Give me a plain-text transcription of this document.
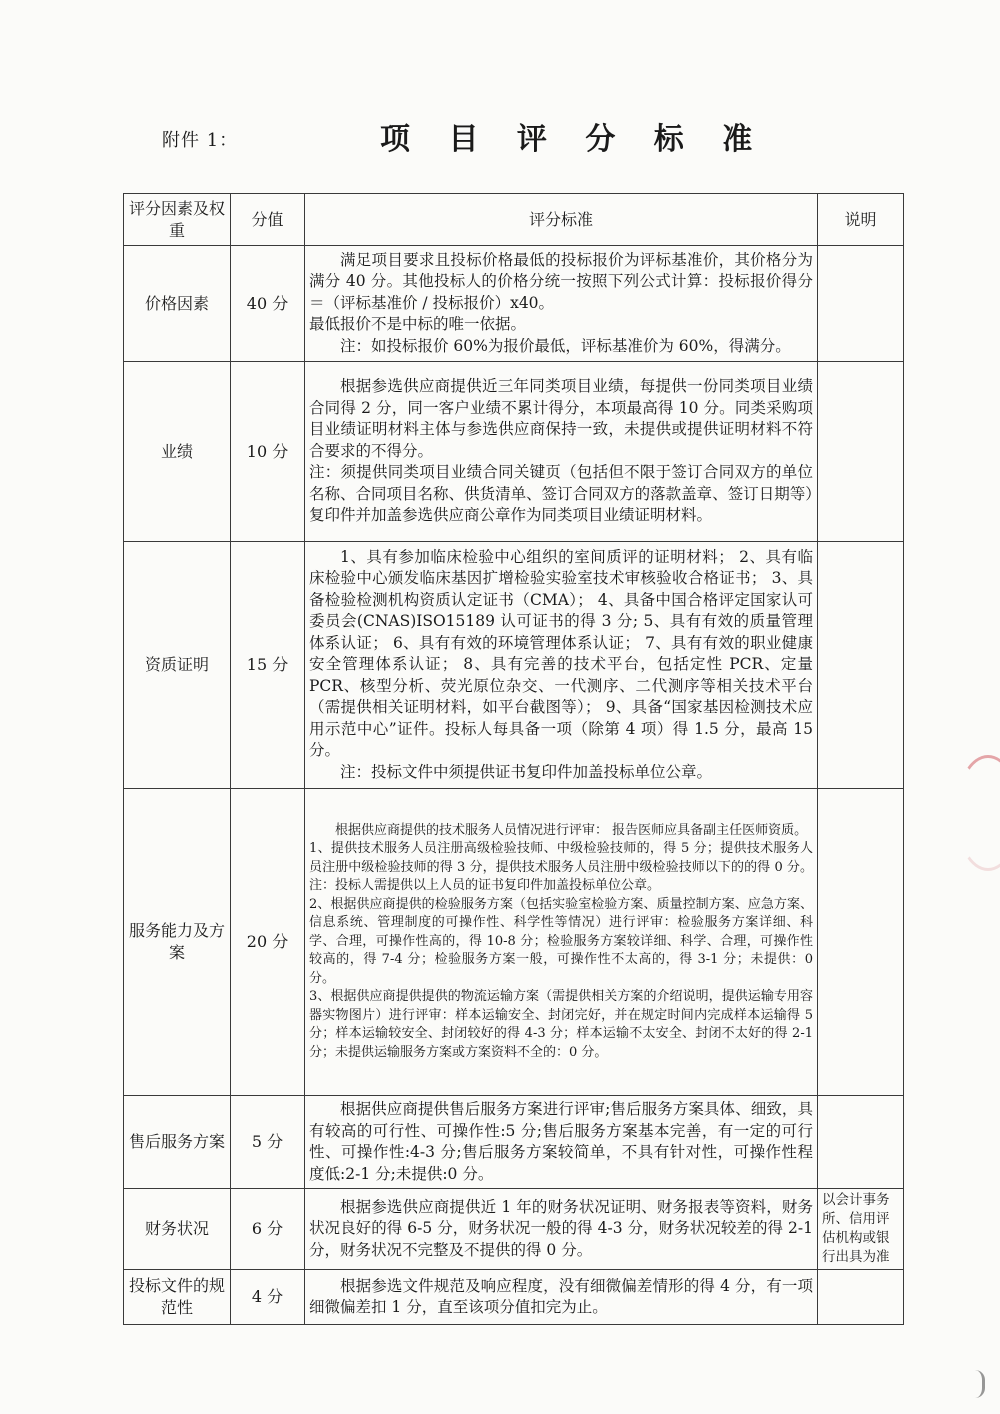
附件 1：	项 目 评 分 标 准
评分因素及权重	分值	评分标准	说明
价格因素	40 分	满足项目要求且投标价格最低的投标报价为评标基准价，其价格分为满分 40 分。其他投标人的价格分统一按照下列公式计算：投标报价得分＝（评标基准价 / 投标报价）x40。

最低报价不是中标的唯一依据。

注：如投标报价 60%为报价最低，评标基准价为 60%，得满分。	

业绩	10 分	根据参选供应商提供近三年同类项目业绩，每提供一份同类项目业绩合同得 2 分，同一客户业绩不累计得分，本项最高得 10 分。同类采购项目业绩证明材料主体与参选供应商保持一致，未提供或提供证明材料不符合要求的不得分。

注：须提供同类项目业绩合同关键页（包括但不限于签订合同双方的单位名称、合同项目名称、供货清单、签订合同双方的落款盖章、签订日期等）复印件并加盖参选供应商公章作为同类项目业绩证明材料。	

资质证明	15 分	1、具有参加临床检验中心组织的室间质评的证明材料； 2、具有临床检验中心颁发临床基因扩增检验实验室技术审核验收合格证书； 3、具备检验检测机构资质认定证书（CMA）； 4、具备中国合格评定国家认可委员会(CNAS)ISO15189 认可证书的得 3 分; 5、具有有效的质量管理体系认证； 6、具有有效的环境管理体系认证； 7、具有有效的职业健康安全管理体系认证； 8、具有完善的技术平台，包括定性 PCR、定量 PCR、核型分析、荧光原位杂交、一代测序、二代测序等相关技术平台（需提供相关证明材料，如平台截图等）； 9、具备“国家基因检测技术应用示范中心”证件。投标人每具备一项（除第 4 项）得 1.5 分，最高 15 分。

注：投标文件中须提供证书复印件加盖投标单位公章。	

服务能力及方案	20 分	根据供应商提供的技术服务人员情况进行评审： 报告医师应具备副主任医师资质。

1、提供技术服务人员注册高级检验技师、中级检验技师的，得 5 分；提供技术服务人员注册中级检验技师的得 3 分，提供技术服务人员注册中级检验技师以下的的得 0 分。注：投标人需提供以上人员的证书复印件加盖投标单位公章。

2、根据供应商提供的检验服务方案（包括实验室检验方案、质量控制方案、应急方案、信息系统、管理制度的可操作性、科学性等情况）进行评审：检验服务方案详细、科学、合理，可操作性高的，得 10-8 分；检验服务方案较详细、科学、合理，可操作性较高的，得 7-4 分；检验服务方案一般，可操作性不太高的，得 3-1 分；未提供：0 分。

3、根据供应商提供提供的物流运输方案（需提供相关方案的介绍说明，提供运输专用容器实物图片）进行评审：样本运输安全、封闭完好，并在规定时间内完成样本运输得 5 分；样本运输较安全、封闭较好的得 4-3 分；样本运输不太安全、封闭不太好的得 2-1 分；未提供运输服务方案或方案资料不全的：0 分。	

售后服务方案	5 分	根据供应商提供售后服务方案进行评审;售后服务方案具体、细致，具有较高的可行性、可操作性:5 分;售后服务方案基本完善，有一定的可行性、可操作性:4-3 分;售后服务方案较简单，不具有针对性，可操作性程度低:2-1 分;未提供:0 分。	

财务状况	6 分	根据参选供应商提供近 1 年的财务状况证明、财务报表等资料，财务状况良好的得 6-5 分，财务状况一般的得 4-3 分，财务状况较差的得 2-1 分，财务状况不完整及不提供的得 0 分。	以会计事务所、信用评估机构或银行出具为准
投标文件的规范性	4 分	根据参选文件规范及响应程度，没有细微偏差情形的得 4 分，有一项细微偏差扣 1 分，直至该项分值扣完为止。	
